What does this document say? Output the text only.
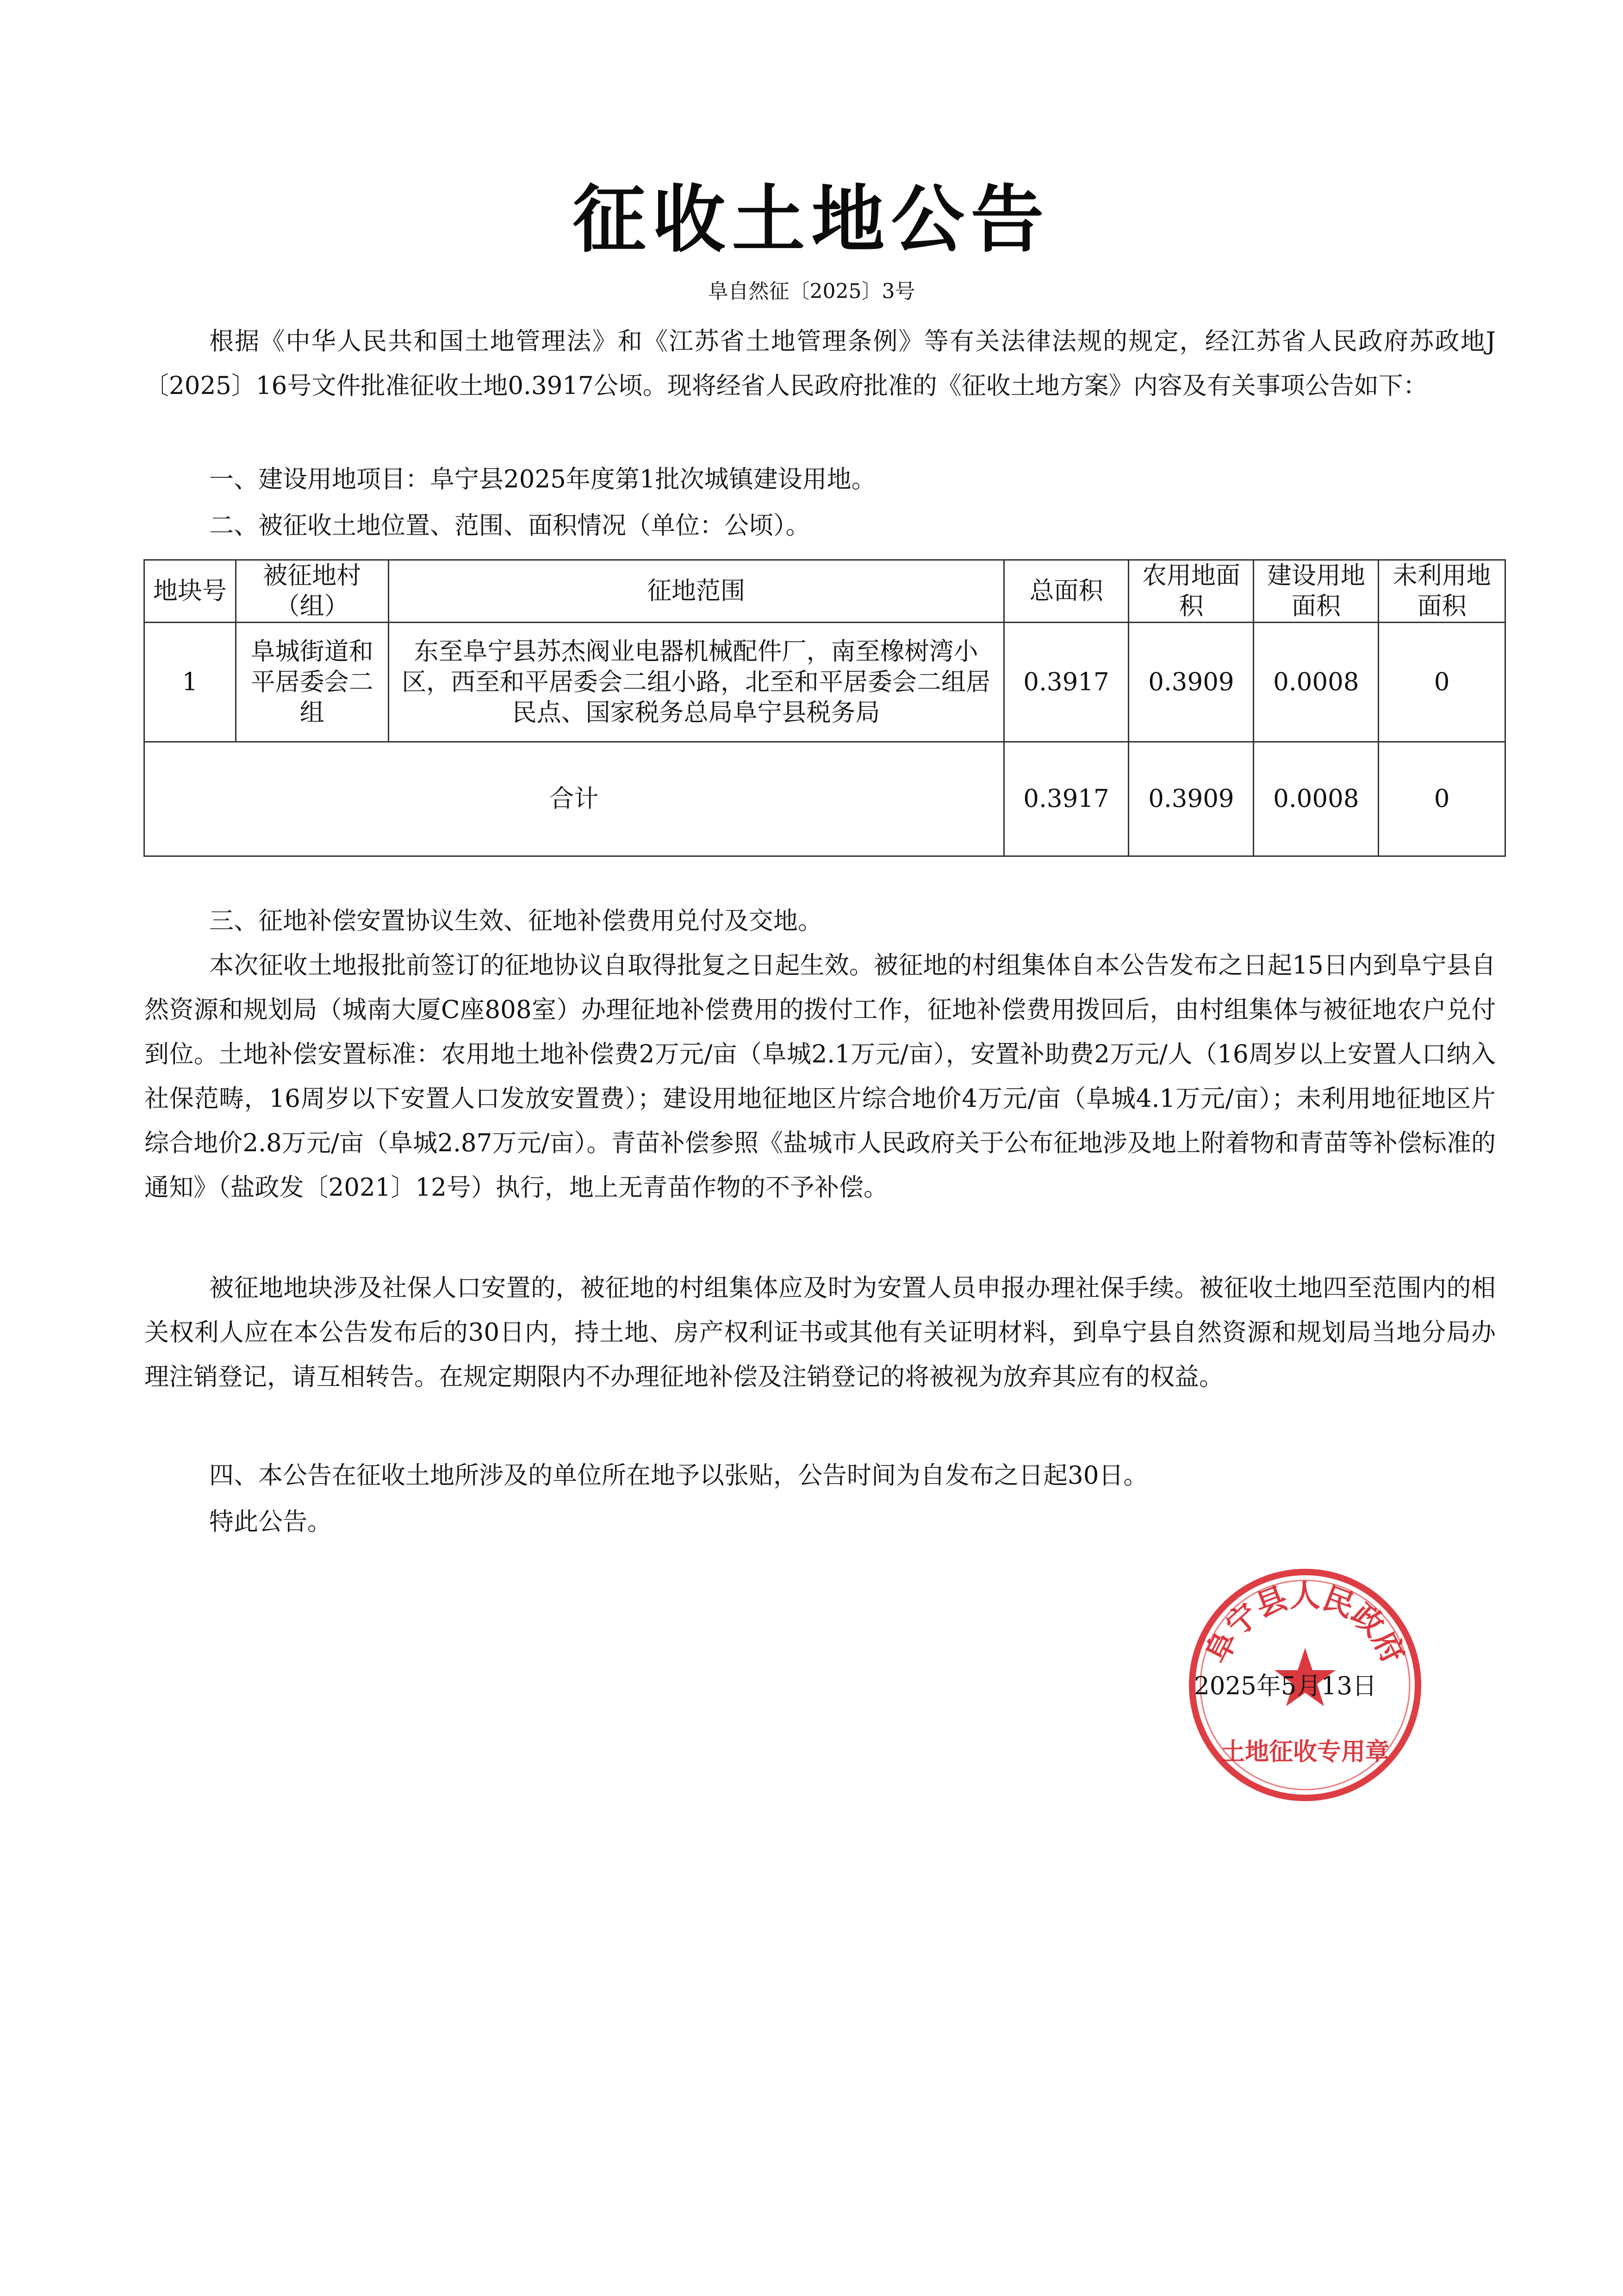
征收土地公告
阜自然征〔2025〕3号
根据《中华人民共和国土地管理法》和《江苏省土地管理条例》等有关法律法规的规定，经江苏省人民政府苏政地J〔2025〕16号文件批准征收土地0.3917公顷。现将经省人民政府批准的《征收土地方案》内容及有关事项公告如下：
一、建设用地项目：阜宁县2025年度第1批次城镇建设用地。
二、被征收土地位置、范围、面积情况（单位：公顷）。
地块号	被征地村（组）	征地范围	总面积	农用地面积	建设用地面积	未利用地面积
1	阜城街道和平居委会二组	东至阜宁县苏杰阀业电器机械配件厂，南至橡树湾小区，西至和平居委会二组小路，北至和平居委会二组居民点、国家税务总局阜宁县税务局	0.3917	0.3909	0.0008	0
合计			0.3917	0.3909	0.0008	0
三、征地补偿安置协议生效、征地补偿费用兑付及交地。
本次征收土地报批前签订的征地协议自取得批复之日起生效。被征地的村组集体自本公告发布之日起15日内到阜宁县自然资源和规划局（城南大厦C座808室）办理征地补偿费用的拨付工作，征地补偿费用拨回后，由村组集体与被征地农户兑付到位。土地补偿安置标准：农用地土地补偿费2万元/亩（阜城2.1万元/亩），安置补助费2万元/人（16周岁以上安置人口纳入社保范畴，16周岁以下安置人口发放安置费）；建设用地征地区片综合地价4万元/亩（阜城4.1万元/亩）；未利用地征地区片综合地价2.8万元/亩（阜城2.87万元/亩）。青苗补偿参照《盐城市人民政府关于公布征地涉及地上附着物和青苗等补偿标准的通知》（盐政发〔2021〕12号）执行，地上无青苗作物的不予补偿。
被征地地块涉及社保人口安置的，被征地的村组集体应及时为安置人员申报办理社保手续。被征收土地四至范围内的相关权利人应在本公告发布后的30日内，持土地、房产权利证书或其他有关证明材料，到阜宁县自然资源和规划局当地分局办理注销登记，请互相转告。在规定期限内不办理征地补偿及注销登记的将被视为放弃其应有的权益。
四、本公告在征收土地所涉及的单位所在地予以张贴，公告时间为自发布之日起30日。
特此公告。
阜宁县人民政府
土地征收专用章
2025年5月13日
